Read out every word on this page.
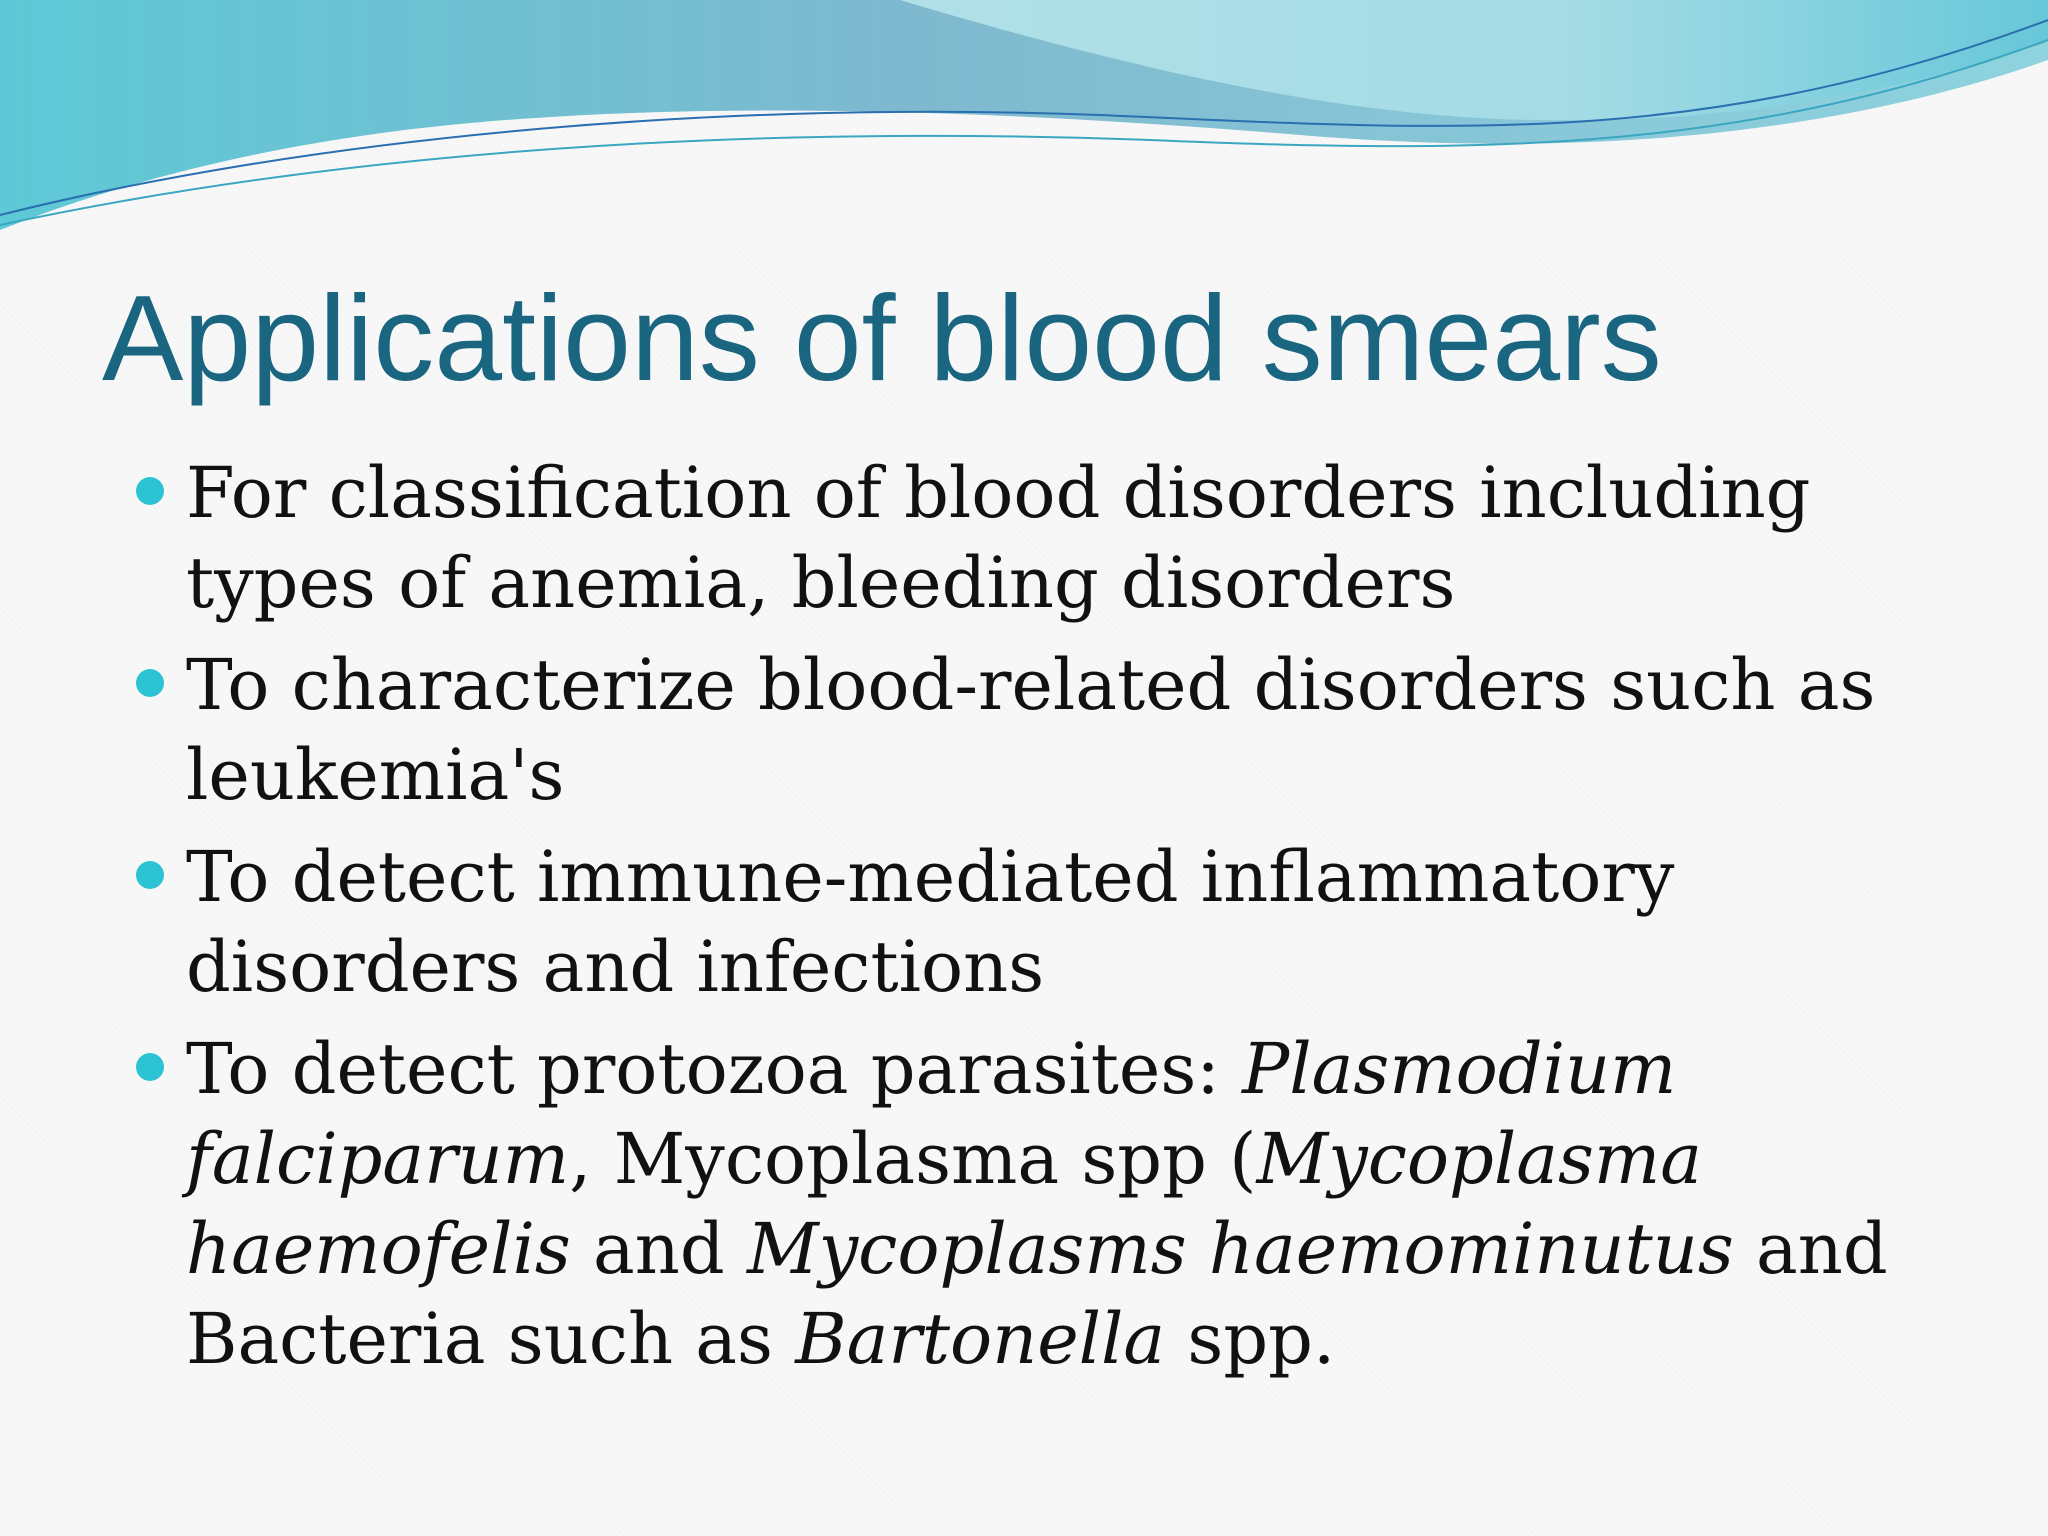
Applications of blood smears
For classification of blood disorders including types of anemia, bleeding disorders
To characterize blood-related disorders such as leukemia's
To detect immune-mediated inflammatory disorders and infections
To detect protozoa parasites: Plasmodium falciparum, Mycoplasma spp (Mycoplasma haemofelis and Mycoplasms haemominutus and Bacteria such as Bartonella spp.
